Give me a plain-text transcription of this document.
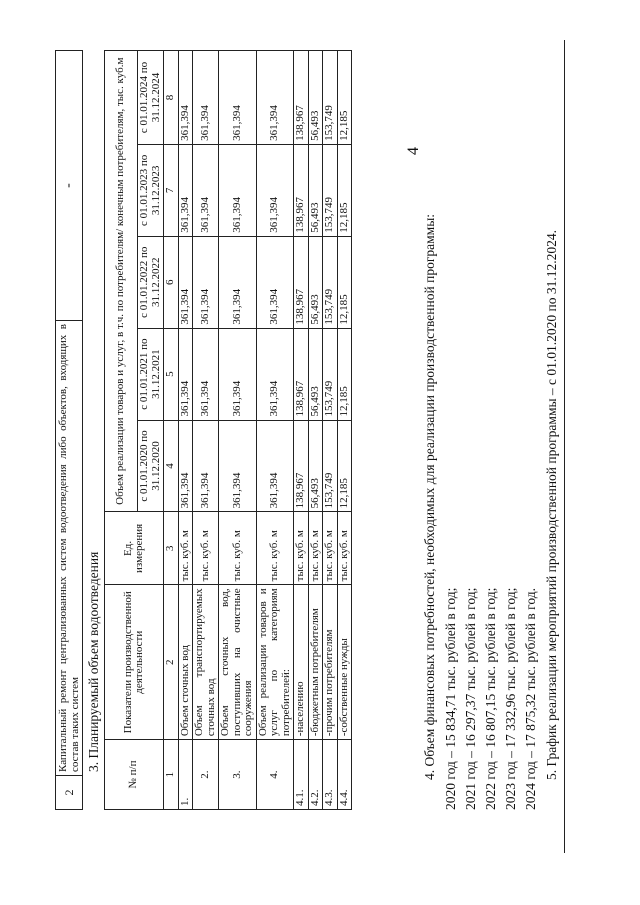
4
2	Капитальный ремонт централизованных систем водоотведения либо объектов, входящих в состав таких систем	-
3. Планируемый объем водоотведения
№ п/п	Показатели производственной деятельности	Ед. измерения	Объем реализации товаров и услуг, в т.ч. по потребителям/ конечным потребителям, тыс. куб.м				
			с 01.01.2020 по 31.12.2020	с 01.01.2021 по 31.12.2021	с 01.01.2022 по 31.12.2022	с 01.01.2023 по 31.12.2023	с 01.01.2024 по 31.12.2024
1	2	3	4	5	6	7	8
1.	Объем сточных вод	тыс. куб. м	361,394	361,394	361,394	361,394	361,394
2.	Объем транспортируемых сточных вод	тыс. куб. м	361,394	361,394	361,394	361,394	361,394
3.	Объем сточных вод, поступивших на очистные сооружения	тыс. куб. м	361,394	361,394	361,394	361,394	361,394
4.	Объем реализации товаров и услуг по категориям потребителей:	тыс. куб. м	361,394	361,394	361,394	361,394	361,394
4.1.	-населению	тыс. куб. м	138,967	138,967	138,967	138,967	138,967
4.2.	-бюджетным потребителям	тыс. куб. м	56,493	56,493	56,493	56,493	56,493
4.3.	-прочим потребителям	тыс. куб. м	153,749	153,749	153,749	153,749	153,749
4.4.	-собственные нужды	тыс. куб. м	12,185	12,185	12,185	12,185	12,185
4. Объем финансовых потребностей, необходимых для реализации производственной программы: 2020 год – 15 834,71 тыс. рублей в год; 2021 год – 16 297,37 тыс. рублей в год; 2022 год – 16 807,15 тыс. рублей в год; 2023 год – 17 332,96 тыс. рублей в год; 2024 год – 17 875,32 тыс. рублей в год. 5. График реализации мероприятий производственной программы – с 01.01.2020 по 31.12.2024.
